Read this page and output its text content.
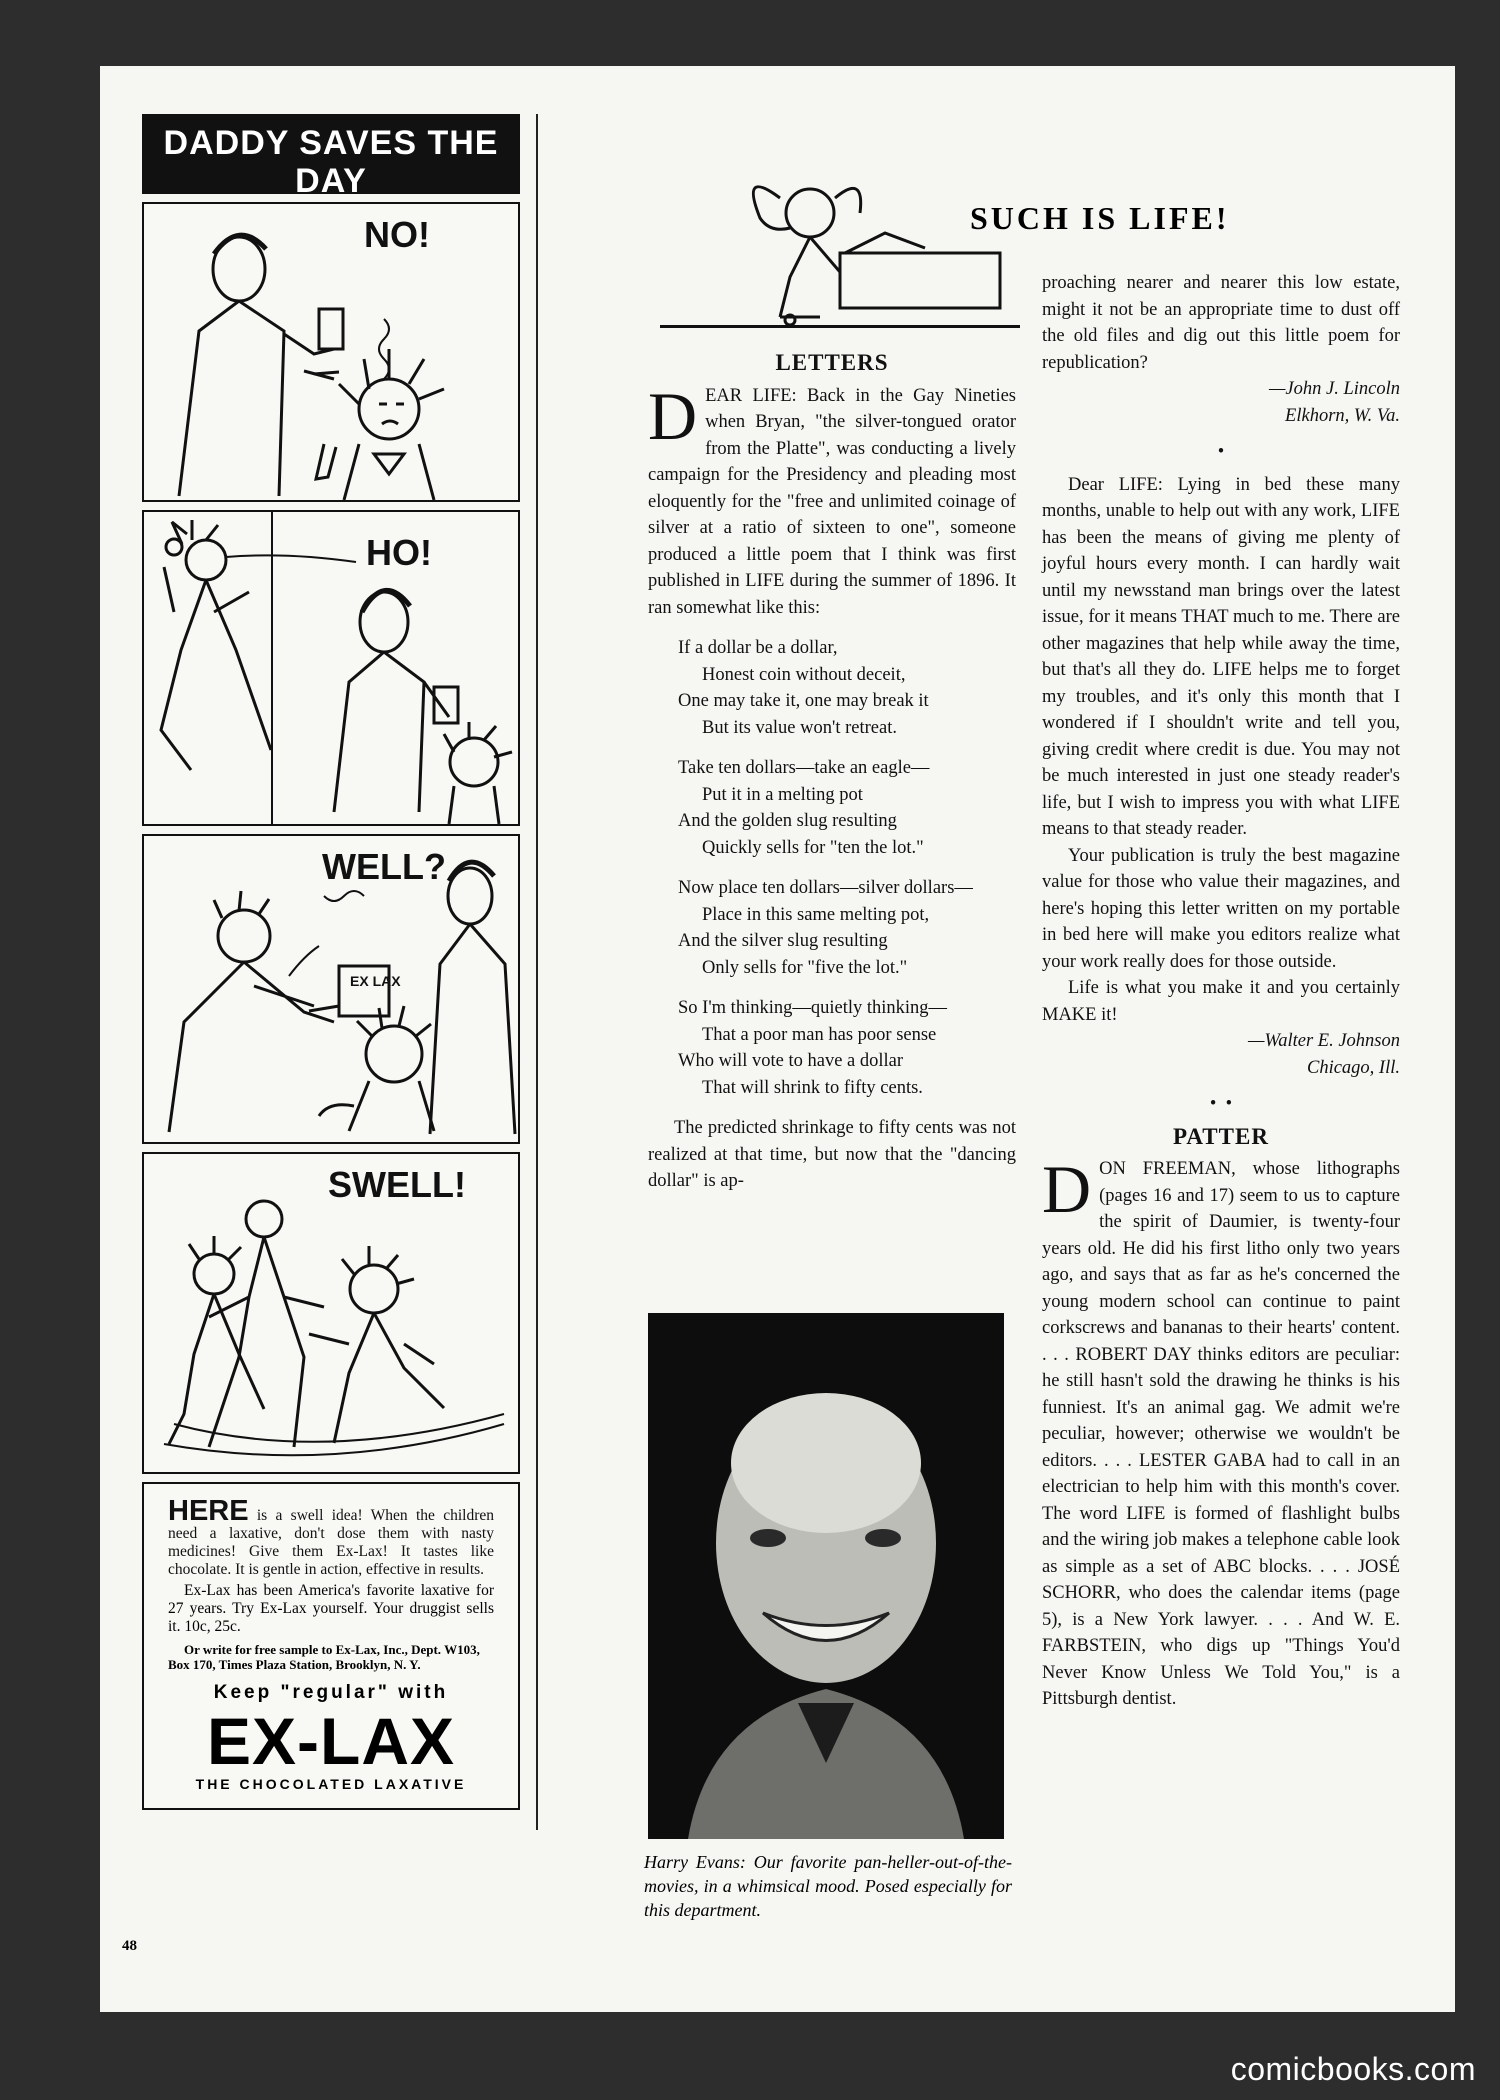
DADDY SAVES THE DAY
NO!
HO!
WELL?
EX LAX
SWELL!
HERE is a swell idea! When the children need a laxative, don't dose them with nasty medicines! Give them Ex-Lax! It tastes like chocolate. It is gentle in action, effective in results.
Ex-Lax has been America's favorite laxative for 27 years. Try Ex-Lax yourself. Your druggist sells it. 10c, 25c.
Or write for free sample to Ex-Lax, Inc., Dept. W103, Box 170, Times Plaza Station, Brooklyn, N. Y.
Keep "regular" with
EX-LAX
THE CHOCOLATED LAXATIVE
48
SUCH IS LIFE!
LETTERS

DEAR LIFE: Back in the Gay Nineties when Bryan, "the silver-tongued orator from the Platte", was conducting a lively campaign for the Presidency and pleading most eloquently for the "free and unlimited coinage of silver at a ratio of sixteen to one", someone produced a little poem that I think was first published in LIFE during the summer of 1896. It ran somewhat like this:

If a dollar be a dollar,
Honest coin without deceit,
One may take it, one may break it
But its value won't retreat.
Take ten dollars—take an eagle—
Put it in a melting pot
And the golden slug resulting
Quickly sells for "ten the lot."
Now place ten dollars—silver dollars—
Place in this same melting pot,
And the silver slug resulting
Only sells for "five the lot."
So I'm thinking—quietly thinking—
That a poor man has poor sense
Who will vote to have a dollar
That will shrink to fifty cents.

The predicted shrinkage to fifty cents was not realized at that time, but now that the "dancing dollar" is ap-

Harry Evans: Our favorite pan-heller-out-of-the-movies, in a whimsical mood. Posed especially for this department.

proaching nearer and nearer this low estate, might it not be an appropriate time to dust off the old files and dig out this little poem for republication?

—John J. Lincoln
Elkhorn, W. Va.
•

Dear LIFE: Lying in bed these many months, unable to help out with any work, LIFE has been the means of giving me plenty of joyful hours every month. I can hardly wait until my newsstand man brings over the latest issue, for it means THAT much to me. There are other magazines that help while away the time, but that's all they do. LIFE helps me to forget my troubles, and it's only this month that I wondered if I shouldn't write and tell you, giving credit where credit is due. You may not be much interested in just one steady reader's life, but I wish to impress you with what LIFE means to that steady reader.

Your publication is truly the best magazine value for those who value their magazines, and here's hoping this letter written on my portable in bed here will make you editors realize what your work really does for those outside.

Life is what you make it and you certainly MAKE it!

—Walter E. Johnson
Chicago, Ill.
•  •
PATTER

DON FREEMAN, whose lithographs (pages 16 and 17) seem to us to capture the spirit of Daumier, is twenty-four years old. He did his first litho only two years ago, and says that as far as he's concerned the young modern school can continue to paint corkscrews and bananas to their hearts' content. . . . ROBERT DAY thinks editors are peculiar: he still hasn't sold the drawing he thinks is his funniest. It's an animal gag. We admit we're peculiar, however; otherwise we wouldn't be editors. . . . LESTER GABA had to call in an electrician to help him with this month's cover. The word LIFE is formed of flashlight bulbs and the wiring job makes a telephone cable look as simple as a set of ABC blocks. . . . JOSÉ SCHORR, who does the calendar items (page 5), is a New York lawyer. . . . And W. E. FARBSTEIN, who digs up "Things You'd Never Know Unless We Told You," is a Pittsburgh dentist.

comicbooks.com
